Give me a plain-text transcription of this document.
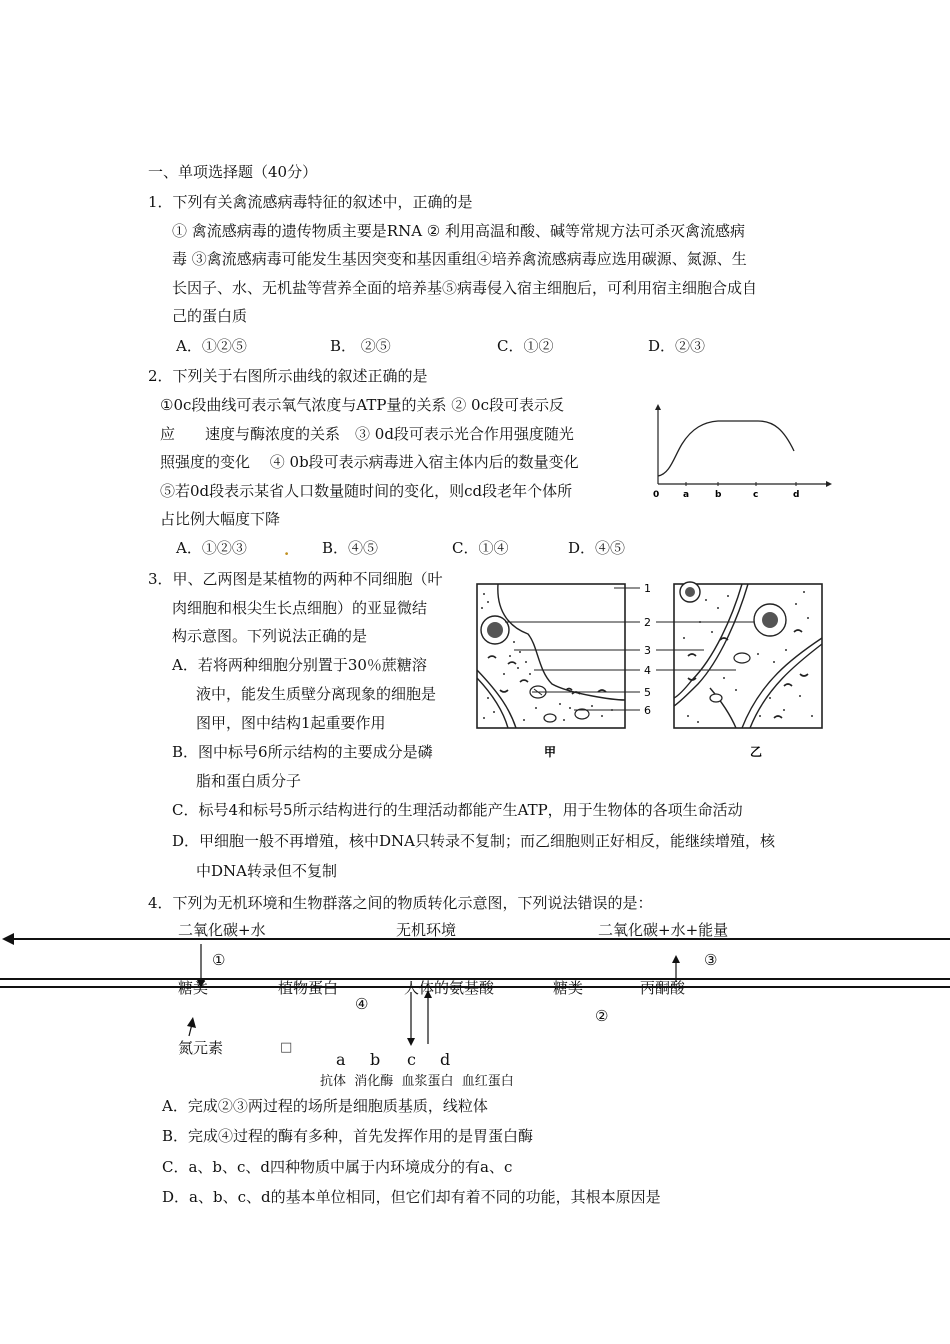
一、单项选择题（40分）
1．下列有关禽流感病毒特征的叙述中，正确的是
① 禽流感病毒的遗传物质主要是RNA ② 利用高温和酸、碱等常规方法可杀灭禽流感病
毒 ③禽流感病毒可能发生基因突变和基因重组④培养禽流感病毒应选用碳源、氮源、生
长因子、水、无机盐等营养全面的培养基⑤病毒侵入宿主细胞后，可利用宿主细胞合成自
己的蛋白质
A．①②⑤	B． ②⑤	C．①②	D．②③
2．下列关于右图所示曲线的叙述正确的是
①0c段曲线可表示氧气浓度与ATP量的关系 ② 0c段可表示反
应　　速度与酶浓度的关系　③ 0d段可表示光合作用强度随光
照强度的变化　 ④ 0b段可表示病毒进入宿主体内后的数量变化
⑤若0d段表示某省人口数量随时间的变化，则cd段老年个体所
占比例大幅度下降
A．①②③ . B．④⑤	C．①④	D．④⑤
0	a	b	c	d
3．甲、乙两图是某植物的两种不同细胞（叶
肉细胞和根尖生长点细胞）的亚显微结
构示意图。下列说法正确的是
A．若将两种细胞分别置于30％蔗糖溶
液中，能发生质壁分离现象的细胞是
图甲，图中结构1起重要作用
B．图中标号6所示结构的主要成分是磷
脂和蛋白质分子
C．标号4和标号5所示结构进行的生理活动都能产生ATP，用于生物体的各项生命活动
D．甲细胞一般不再增殖，核中DNA只转录不复制；而乙细胞则正好相反，能继续增殖，核
中DNA转录但不复制
1
2
3
4
5
6
甲	乙
4．下列为无机环境和生物群落之间的物质转化示意图，下列说法错误的是：
二氧化碳+水	无机环境	二氧化碳+水+能量
①	③
糖类	植物蛋白	人体的氨基酸	糖类	丙酮酸
④
②
氮元素	□
a b c d
抗体  消化酶  血浆蛋白  血红蛋白
A．完成②③两过程的场所是细胞质基质，线粒体
B．完成④过程的酶有多种，首先发挥作用的是胃蛋白酶
C．a、b、c、d四种物质中属于内环境成分的有a、c
D．a、b、c、d的基本单位相同，但它们却有着不同的功能，其根本原因是
